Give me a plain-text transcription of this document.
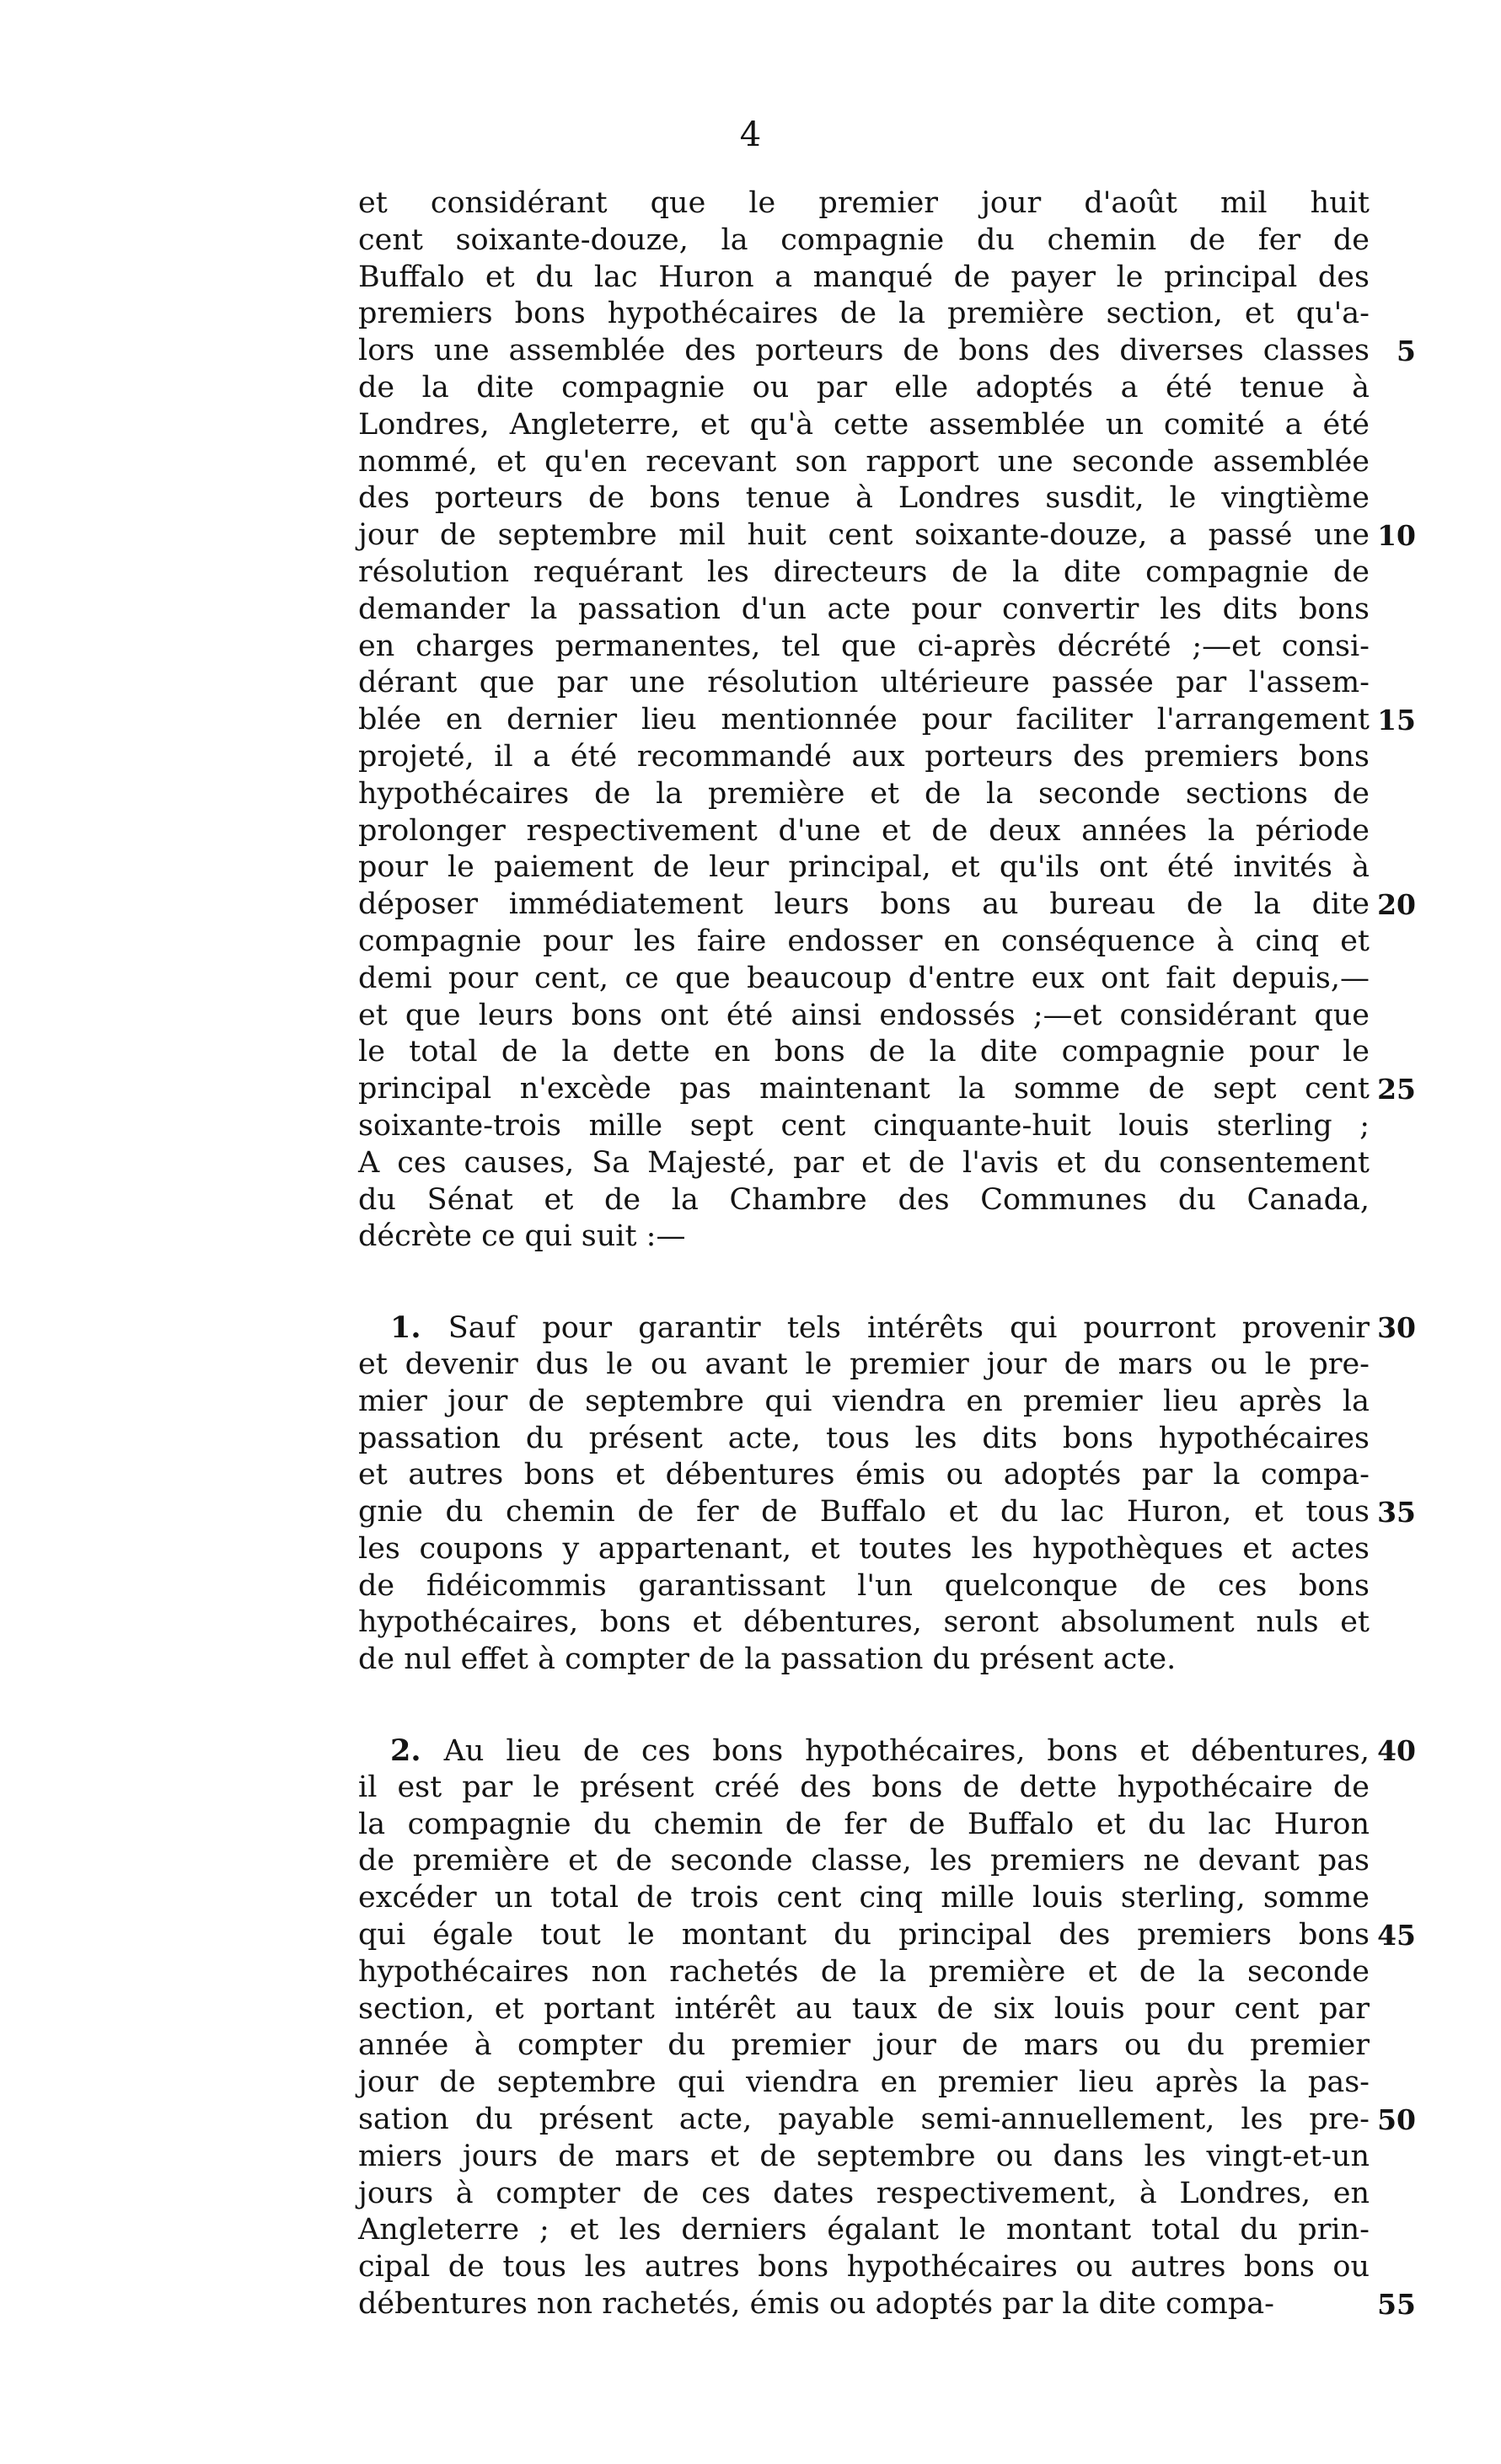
4
et considérant que le premier jour d'août mil huit
cent soixante-douze, la compagnie du chemin de fer de
Buffalo et du lac Huron a manqué de payer le principal des
premiers bons hypothécaires de la première section, et qu'a-
lors une assemblée des porteurs de bons des diverses classes 5
de la dite compagnie ou par elle adoptés a été tenue à
Londres, Angleterre, et qu'à cette assemblée un comité a été
nommé, et qu'en recevant son rapport une seconde assemblée
des porteurs de bons tenue à Londres susdit, le vingtième
jour de septembre mil huit cent soixante-douze, a passé une 10
résolution requérant les directeurs de la dite compagnie de
demander la passation d'un acte pour convertir les dits bons
en charges permanentes, tel que ci-après décrété ;—et consi-
dérant que par une résolution ultérieure passée par l'assem-
blée en dernier lieu mentionnée pour faciliter l'arrangement 15
projeté, il a été recommandé aux porteurs des premiers bons
hypothécaires de la première et de la seconde sections de
prolonger respectivement d'une et de deux années la période
pour le paiement de leur principal, et qu'ils ont été invités à
déposer immédiatement leurs bons au bureau de la dite 20
compagnie pour les faire endosser en conséquence à cinq et
demi pour cent, ce que beaucoup d'entre eux ont fait depuis,—
et que leurs bons ont été ainsi endossés ;—et considérant que
le total de la dette en bons de la dite compagnie pour le
principal n'excède pas maintenant la somme de sept cent 25
soixante-trois mille sept cent cinquante-huit louis sterling ;
A ces causes, Sa Majesté, par et de l'avis et du consentement
du Sénat et de la Chambre des Communes du Canada,
décrète ce qui suit :—
1. Sauf pour garantir tels intérêts qui pourront provenir 30
et devenir dus le ou avant le premier jour de mars ou le pre-
mier jour de septembre qui viendra en premier lieu après la
passation du présent acte, tous les dits bons hypothécaires
et autres bons et débentures émis ou adoptés par la compa-
gnie du chemin de fer de Buffalo et du lac Huron, et tous 35
les coupons y appartenant, et toutes les hypothèques et actes
de fidéicommis garantissant l'un quelconque de ces bons
hypothécaires, bons et débentures, seront absolument nuls et
de nul effet à compter de la passation du présent acte.
2. Au lieu de ces bons hypothécaires, bons et débentures, 40
il est par le présent créé des bons de dette hypothécaire de
la compagnie du chemin de fer de Buffalo et du lac Huron
de première et de seconde classe, les premiers ne devant pas
excéder un total de trois cent cinq mille louis sterling, somme
qui égale tout le montant du principal des premiers bons 45
hypothécaires non rachetés de la première et de la seconde
section, et portant intérêt au taux de six louis pour cent par
année à compter du premier jour de mars ou du premier
jour de septembre qui viendra en premier lieu après la pas-
sation du présent acte, payable semi-annuellement, les pre- 50
miers jours de mars et de septembre ou dans les vingt-et-un
jours à compter de ces dates respectivement, à Londres, en
Angleterre ; et les derniers égalant le montant total du prin-
cipal de tous les autres bons hypothécaires ou autres bons ou
débentures non rachetés, émis ou adoptés par la dite compa-	55
